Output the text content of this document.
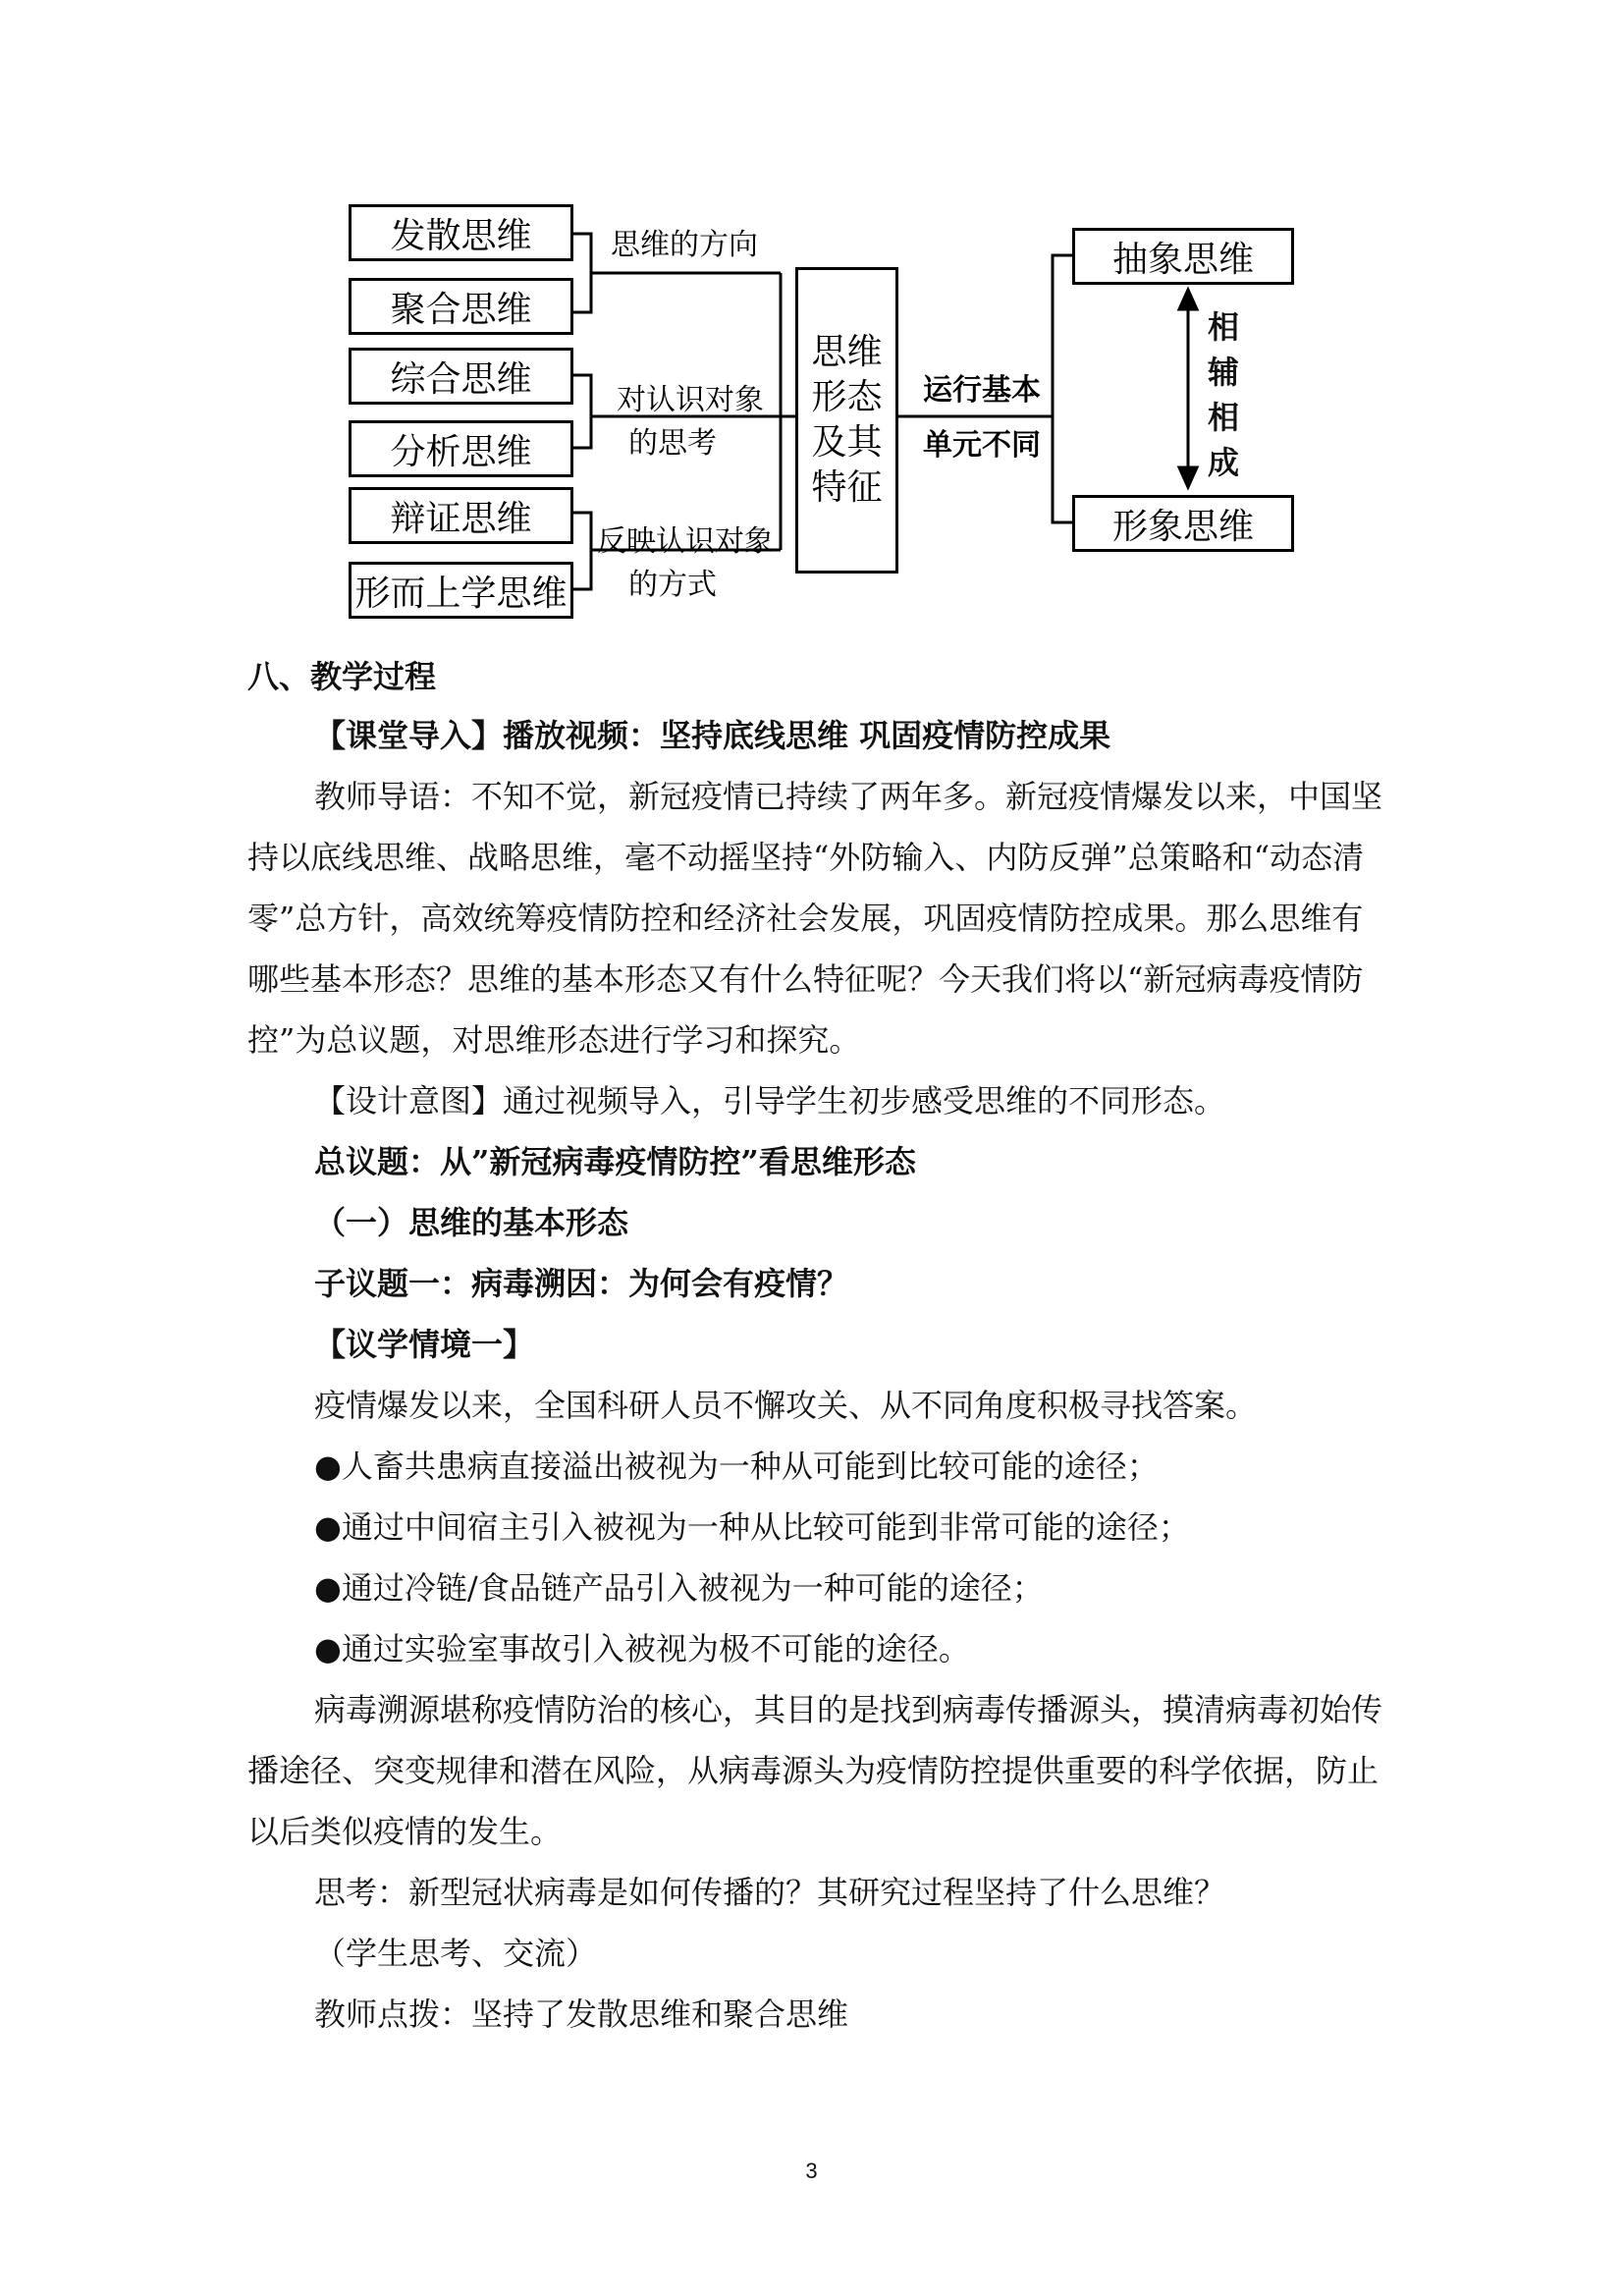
发散思维
聚合思维
综合思维
分析思维
辩证思维
形而上学思维
思维的方向
对认识对象
的思考
反映认识对象
的方式
思维
形态
及其
特征
运行基本
单元不同
抽象思维
形象思维
相
辅
相
成
八、教学过程

【课堂导入】播放视频：坚持底线思维 巩固疫情防控成果

教师导语：不知不觉，新冠疫情已持续了两年多。新冠疫情爆发以来，中国坚持以底线思维、战略思维，毫不动摇坚持“外防输入、内防反弹”总策略和“动态清零”总方针，高效统筹疫情防控和经济社会发展，巩固疫情防控成果。那么思维有哪些基本形态？思维的基本形态又有什么特征呢？今天我们将以“新冠病毒疫情防控”为总议题，对思维形态进行学习和探究。

【设计意图】通过视频导入，引导学生初步感受思维的不同形态。

总议题：从”新冠病毒疫情防控”看思维形态

（一）思维的基本形态

子议题一：病毒溯因：为何会有疫情？

【议学情境一】

疫情爆发以来，全国科研人员不懈攻关、从不同角度积极寻找答案。

●人畜共患病直接溢出被视为一种从可能到比较可能的途径；

●通过中间宿主引入被视为一种从比较可能到非常可能的途径；

●通过冷链/食品链产品引入被视为一种可能的途径；

●通过实验室事故引入被视为极不可能的途径。

病毒溯源堪称疫情防治的核心，其目的是找到病毒传播源头，摸清病毒初始传播途径、突变规律和潜在风险，从病毒源头为疫情防控提供重要的科学依据，防止以后类似疫情的发生。

思考：新型冠状病毒是如何传播的？其研究过程坚持了什么思维？

（学生思考、交流）

教师点拨：坚持了发散思维和聚合思维

3
